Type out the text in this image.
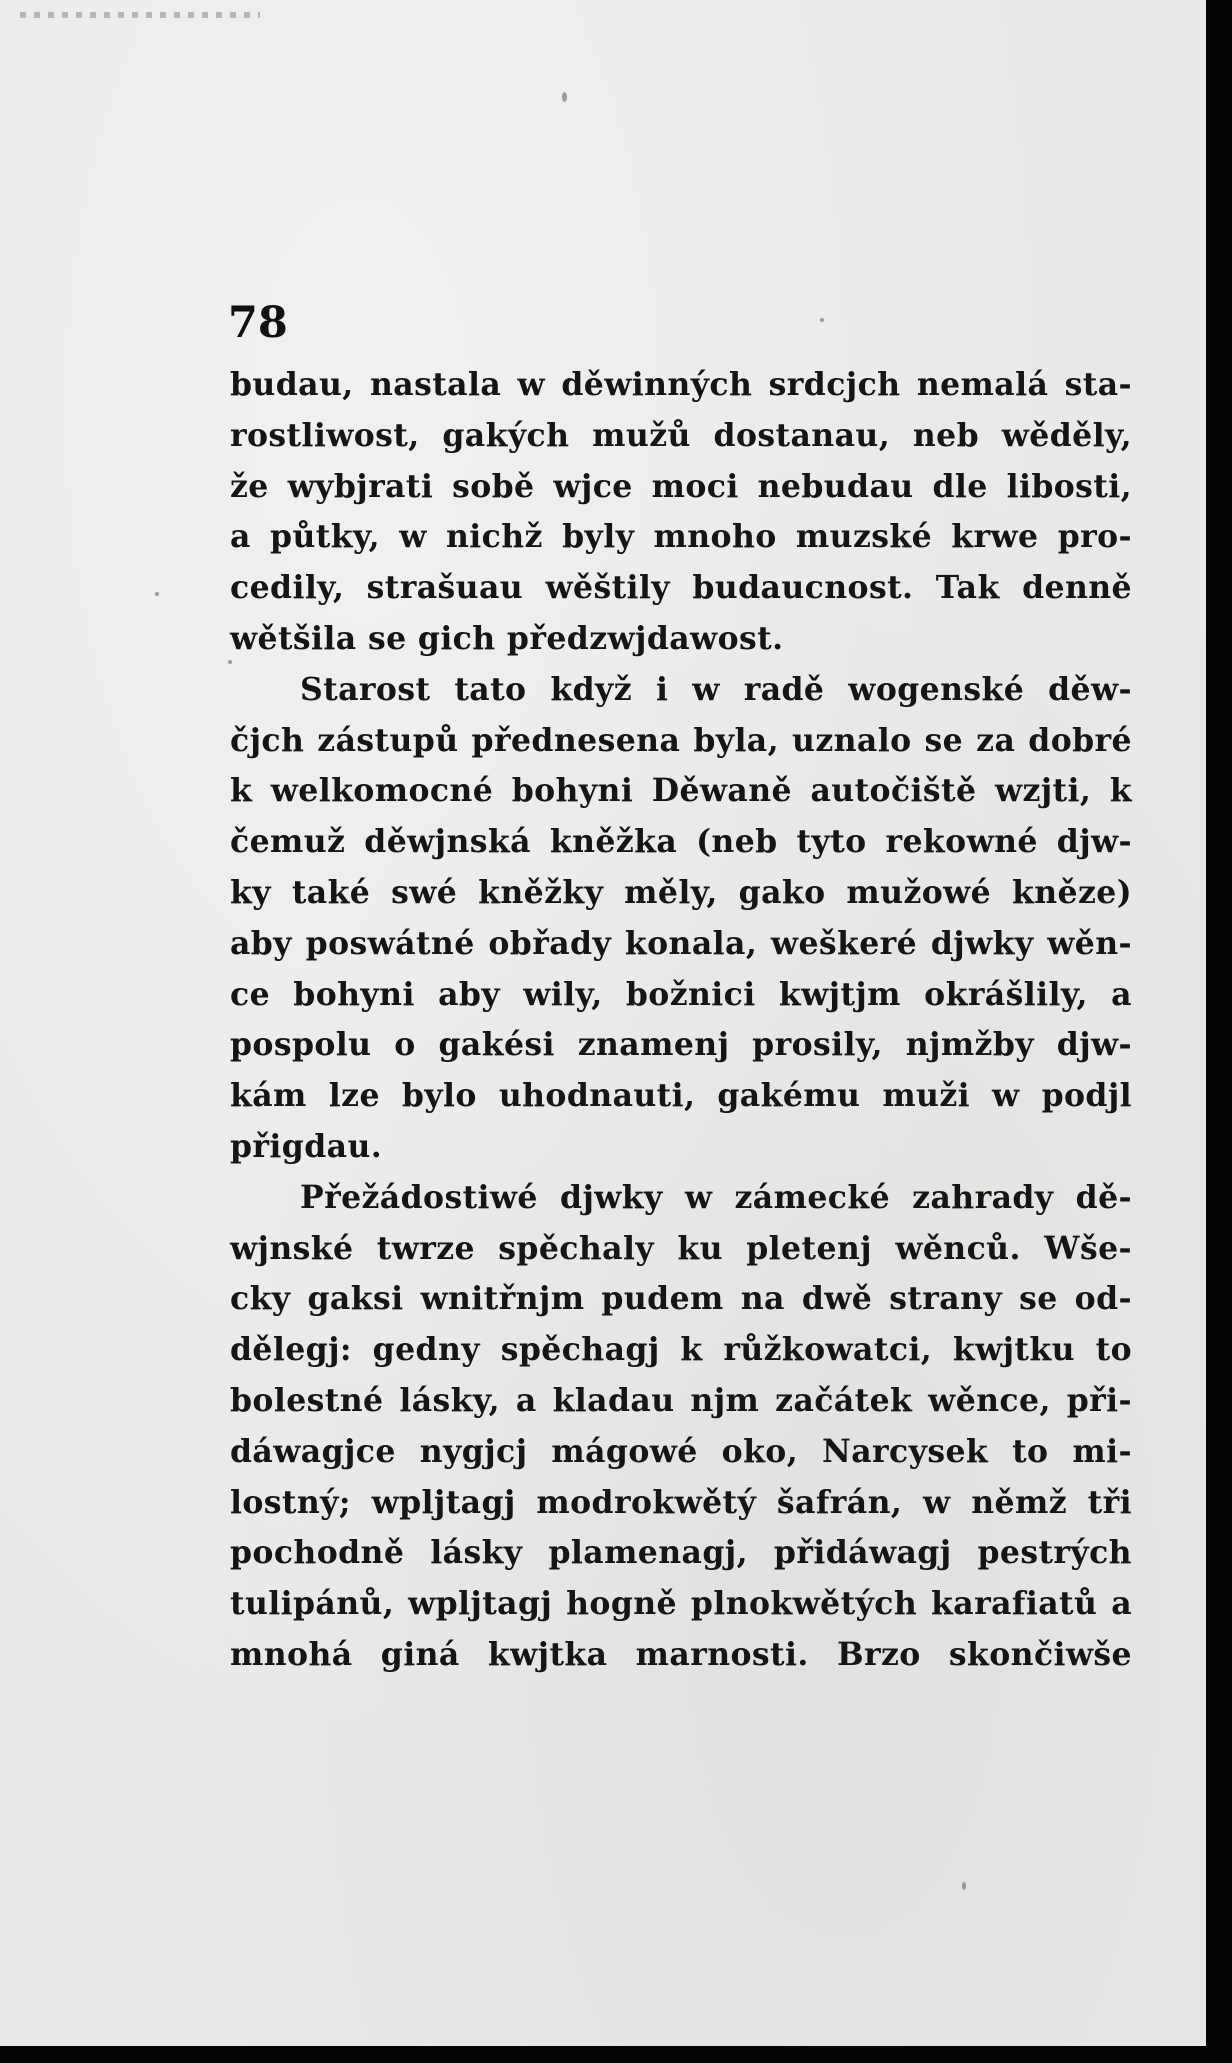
78
budau, nastala w děwinných srdcjch nemalá sta-
rostliwost, gakých mužů dostanau, neb wěděly,
že wybjrati sobě wjce moci nebudau dle libosti,
a půtky, w nichž byly mnoho muzské krwe pro-
cedily, strašuau wěštily budaucnost. Tak denně
wětšila se gich předzwjdawost.
Starost tato když i w radě wogenské děw-
čjch zástupů přednesena byla, uznalo se za dobré
k welkomocné bohyni Děwaně autočiště wzjti, k
čemuž děwjnská kněžka (neb tyto rekowné djw-
ky také swé kněžky měly, gako mužowé kněze)
aby poswátné obřady konala, weškeré djwky wěn-
ce bohyni aby wily, božnici kwjtjm okrášlily, a
pospolu o gakési znamenj prosily, njmžby djw-
kám lze bylo uhodnauti, gakému muži w podjl
přigdau.
Přežádostiwé djwky w zámecké zahrady dě-
wjnské twrze spěchaly ku pletenj wěnců. Wše-
cky gaksi wnitřnjm pudem na dwě strany se od-
dělegj: gedny spěchagj k růžkowatci, kwjtku to
bolestné lásky, a kladau njm začátek wěnce, při-
dáwagjce nygjcj mágowé oko, Narcysek to mi-
lostný; wpljtagj modrokwětý šafrán, w němž tři
pochodně lásky plamenagj, přidáwagj pestrých
tulipánů, wpljtagj hogně plnokwětých karafiatů a
mnohá giná kwjtka marnosti. Brzo skončiwše
